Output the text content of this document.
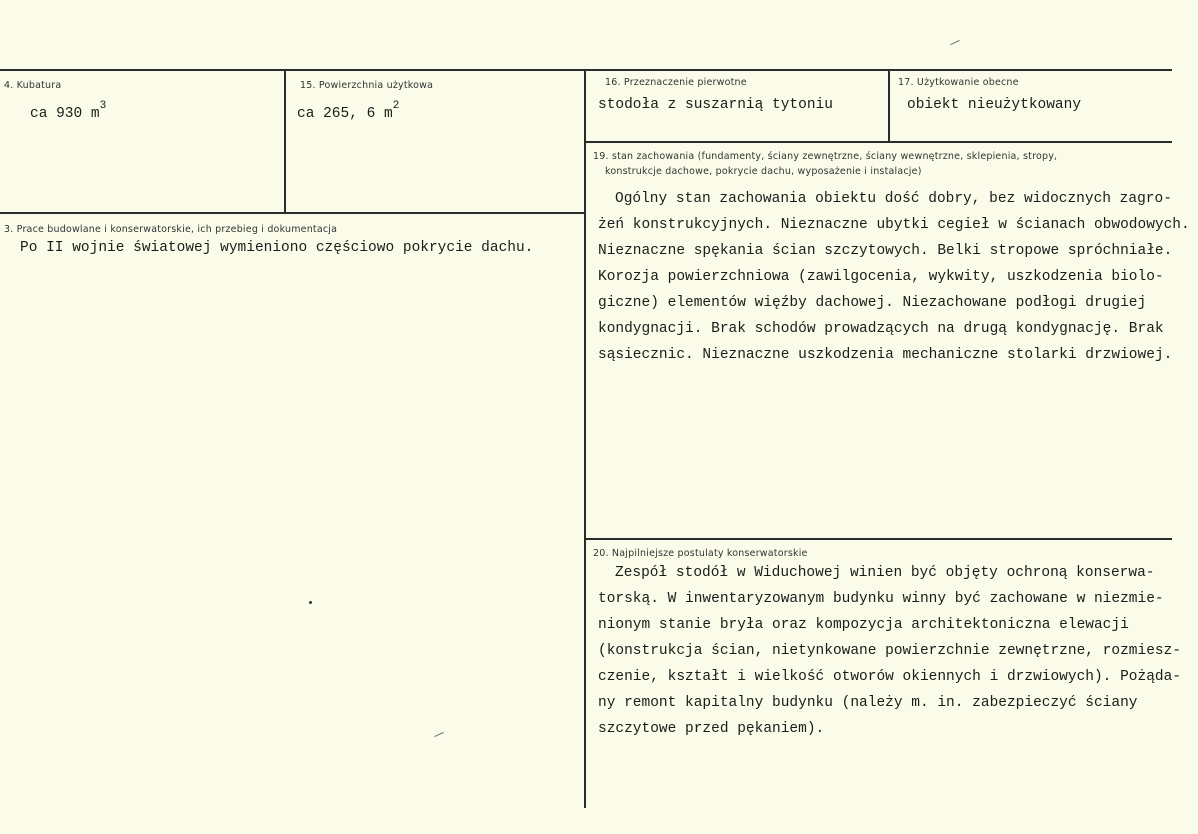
4. Kubatura
ca 930 $m^3$
15. Powierzchnia użytkowa
ca 265, 6 $m^2$
16. Przeznaczenie pierwotne
stodoła z suszarnią tytoniu
17. Użytkowanie obecne
obiekt nieużytkowany
3. Prace budowlane i konserwatorskie, ich przebieg i dokumentacja
Po II wojnie światowej wymieniono częściowo pokrycie dachu.
19. stan zachowania (fundamenty, ściany zewnętrzne, ściany wewnętrzne, sklepienia, stropy,
konstrukcje dachowe, pokrycie dachu, wyposażenie i instalacje)
Ogólny stan zachowania obiektu dość dobry, bez widocznych zagro-
żeń konstrukcyjnych. Nieznaczne ubytki cegieł w ścianach obwodowych.
Nieznaczne spękania ścian szczytowych. Belki stropowe spróchniałe.
Korozja powierzchniowa (zawilgocenia, wykwity, uszkodzenia biolo-
giczne) elementów więźby dachowej. Niezachowane podłogi drugiej
kondygnacji. Brak schodów prowadzących na drugą kondygnację. Brak
sąsiecznic. Nieznaczne uszkodzenia mechaniczne stolarki drzwiowej.
20. Najpilniejsze postulaty konserwatorskie
Zespół stodół w Widuchowej winien być objęty ochroną konserwa-
torską. W inwentaryzowanym budynku winny być zachowane w niezmie-
nionym stanie bryła oraz kompozycja architektoniczna elewacji
(konstrukcja ścian, nietynkowane powierzchnie zewnętrzne, rozmiesz-
czenie, kształt i wielkość otworów okiennych i drzwiowych). Pożąda-
ny remont kapitalny budynku (należy m. in. zabezpieczyć ściany
szczytowe przed pękaniem).
